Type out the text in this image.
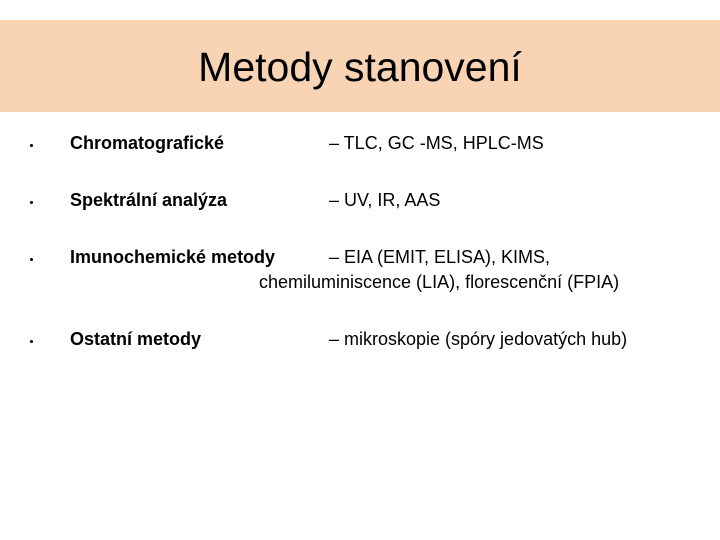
Metody stanovení
Chromatografické	– TLC, GC -MS, HPLC-MS
Spektrální analýza	– UV, IR, AAS
Imunochemické metody	– EIA (EMIT, ELISA), KIMS,
chemiluminiscence (LIA), florescenční (FPIA)
Ostatní metody	– mikroskopie (spóry jedovatých hub)
